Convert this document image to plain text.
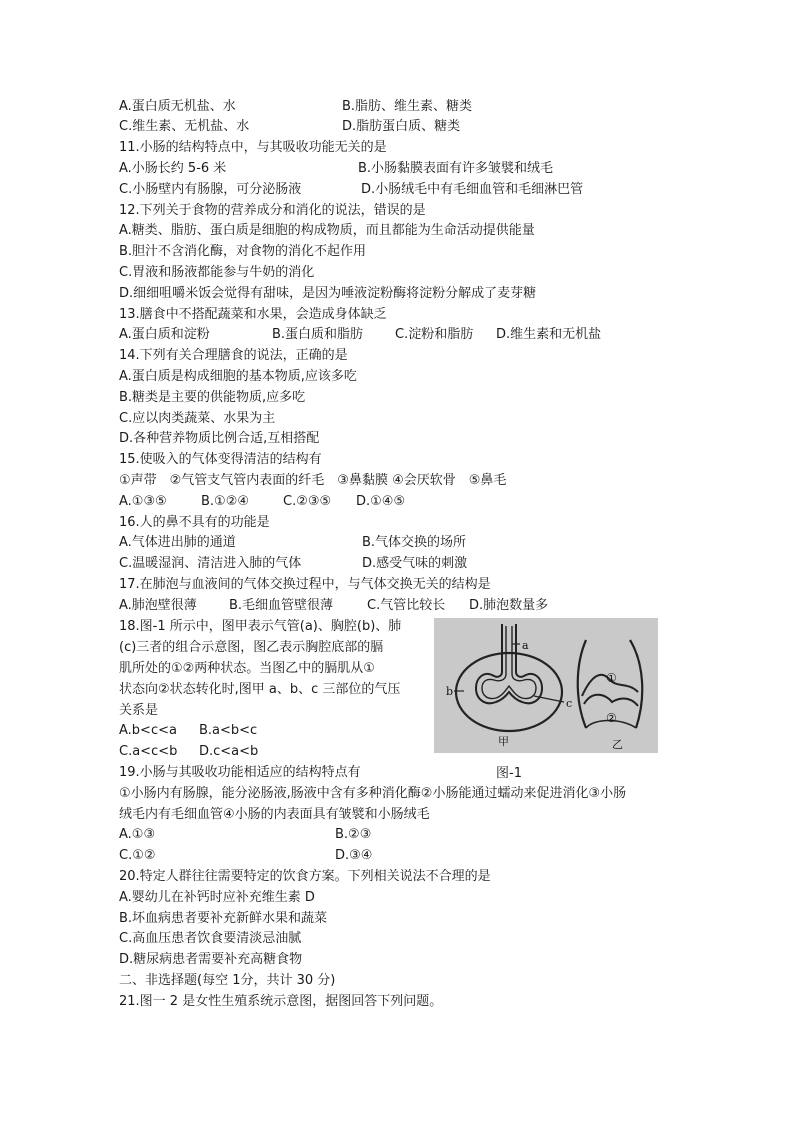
A.蛋白质无机盐、水	B.脂肪、维生素、糖类
C.维生素、无机盐、水	D.脂肪蛋白质、糖类
11.小肠的结构特点中，与其吸收功能无关的是
A.小肠长约 5-6 米	B.小肠黏膜表面有许多皱襞和绒毛
C.小肠壁内有肠腺，可分泌肠液	D.小肠绒毛中有毛细血管和毛细淋巴管
12.下列关于食物的营养成分和消化的说法，错误的是
A.糖类、脂肪、蛋白质是细胞的构成物质，而且都能为生命活动提供能量
B.胆汁不含消化酶，对食物的消化不起作用
C.胃液和肠液都能参与牛奶的消化
D.细细咀嚼米饭会觉得有甜味，是因为唾液淀粉酶将淀粉分解成了麦芽糖
13.膳食中不搭配蔬菜和水果，会造成身体缺乏
A.蛋白质和淀粉	B.蛋白质和脂肪 C.淀粉和脂肪 D.维生素和无机盐
14.下列有关合理膳食的说法，正确的是
A.蛋白质是构成细胞的基本物质,应该多吃
B.糖类是主要的供能物质,应多吃
C.应以肉类蔬菜、水果为主
D.各种营养物质比例合适,互相搭配
15.使吸入的气体变得清洁的结构有
①声带　②气管支气管内表面的纤毛　③鼻黏膜 ④会厌软骨　⑤鼻毛
A.①③⑤	B.①②④	C.②③⑤ D.①④⑤
16.人的鼻不具有的功能是
A.气体进出肺的通道	B.气体交换的场所
C.温暖湿润、清洁进入肺的气体	D.感受气味的刺激
17.在肺泡与血液间的气体交换过程中，与气体交换无关的结构是
A.肺泡壁很薄 B.毛细血管壁很薄	C.气管比较长 D.肺泡数量多
18.图-1 所示中，图甲表示气管(a)、胸腔(b)、肺
(c)三者的组合示意图，图乙表示胸腔底部的膈
肌所处的①②两种状态。当图乙中的膈肌从①
状态向②状态转化时,图甲 a、b、c 三部位的气压
关系是
A.b<c<a B.a<b<c
C.a<c<b D.c<a<b
a
b
c
甲
①
②
乙
19.小肠与其吸收功能相适应的结构特点有	图-1
①小肠内有肠腺，能分泌肠液,肠液中含有多种消化酶②小肠能通过蠕动来促进消化③小肠
绒毛内有毛细血管④小肠的内表面具有皱襞和小肠绒毛
A.①③	B.②③
C.①②	D.③④
20.特定人群往往需要特定的饮食方案。下列相关说法不合理的是
A.婴幼儿在补钙时应补充维生素 D
B.坏血病患者要补充新鲜水果和蔬菜
C.高血压患者饮食要清淡忌油腻
D.糖尿病患者需要补充高糖食物
二、非选择题(每空 1分，共计 30 分)
21.图一 2 是女性生殖系统示意图，据图回答下列问题。
